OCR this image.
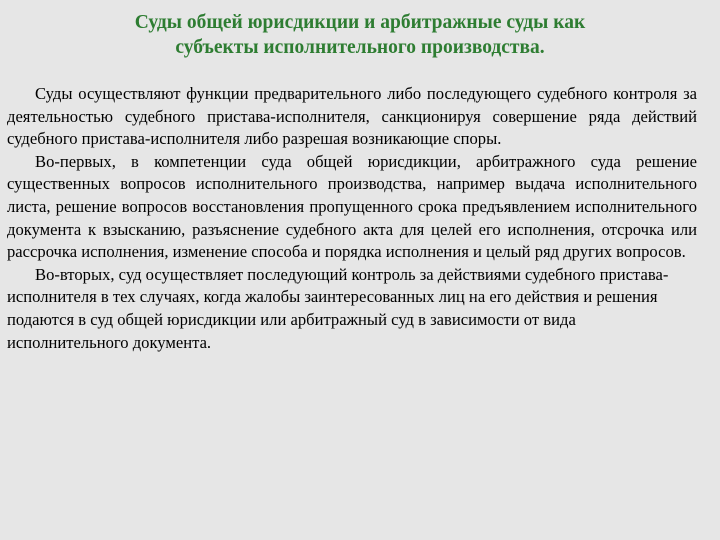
Суды общей юрисдикции и арбитражные суды как
субъекты исполнительного производства.

Суды осуществляют функции предварительного либо последующего судебного контроля за деятельностью судебного пристава-исполнителя, санкционируя совершение ряда действий судебного пристава-исполнителя либо разрешая возникающие споры.

Во-первых, в компетенции суда общей юрисдикции, арбитражного суда решение существенных вопросов исполнительного производства, например выдача исполнительного листа, решение вопросов восстановления пропущенного срока предъявлением исполнительного документа к взысканию, разъяснение судебного акта для целей его исполнения, отсрочка или рассрочка исполнения, изменение способа и порядка исполнения и целый ряд других вопросов.

Во-вторых, суд осуществляет последующий контроль за действиями судебного пристава-исполнителя в тех случаях, когда жалобы заинтересованных лиц на его действия и решения подаются в суд общей юрисдикции или арбитражный суд в зависимости от вида исполнительного документа.
